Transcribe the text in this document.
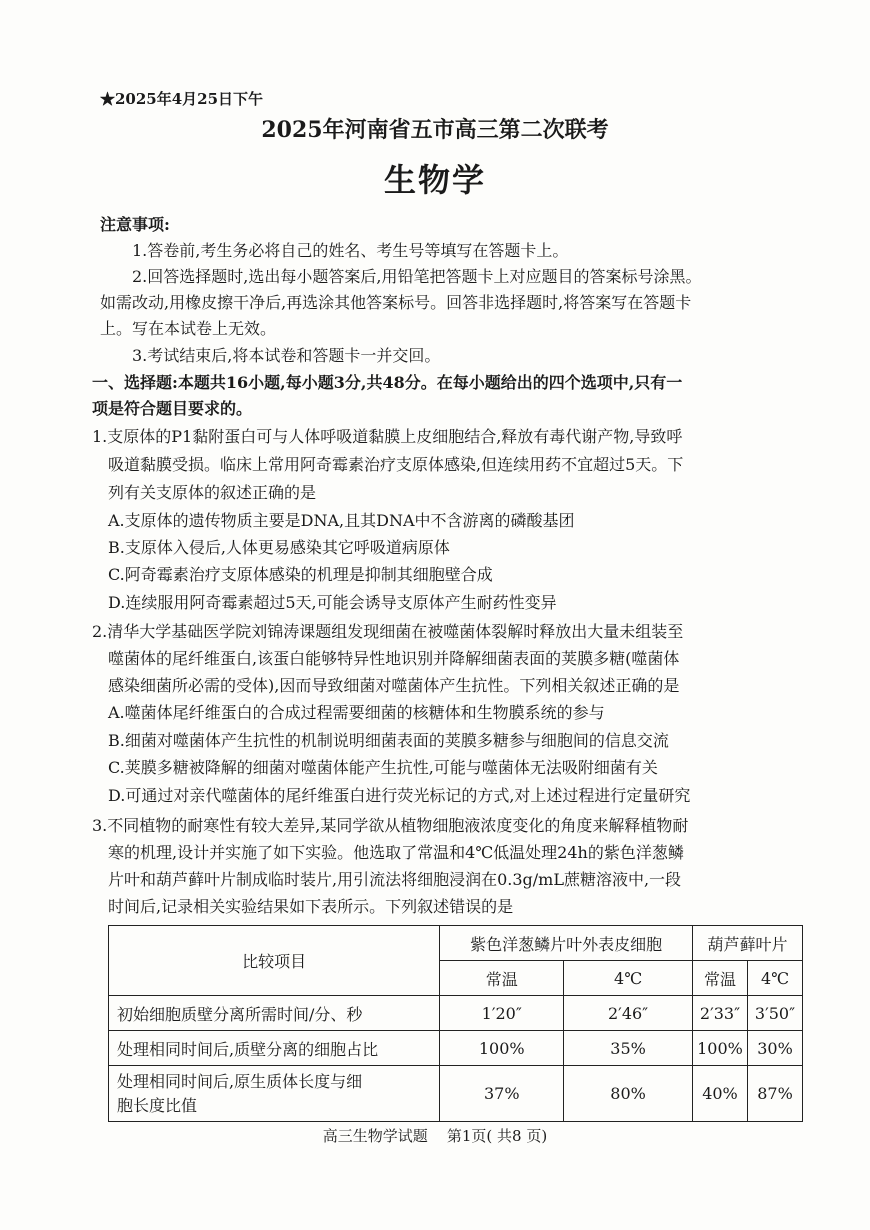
★2025年4月25日下午
2025年河南省五市高三第二次联考
生物学
注意事项:
1.答卷前,考生务必将自己的姓名、考生号等填写在答题卡上。
2.回答选择题时,选出每小题答案后,用铅笔把答题卡上对应题目的答案标号涂黑。
如需改动,用橡皮擦干净后,再选涂其他答案标号。回答非选择题时,将答案写在答题卡
上。写在本试卷上无效。
3.考试结束后,将本试卷和答题卡一并交回。
一、选择题:本题共16小题,每小题3分,共48分。在每小题给出的四个选项中,只有一
项是符合题目要求的。
1.支原体的P1黏附蛋白可与人体呼吸道黏膜上皮细胞结合,释放有毒代谢产物,导致呼
吸道黏膜受损。临床上常用阿奇霉素治疗支原体感染,但连续用药不宜超过5天。下
列有关支原体的叙述正确的是
A.支原体的遗传物质主要是DNA,且其DNA中不含游离的磷酸基团
B.支原体入侵后,人体更易感染其它呼吸道病原体
C.阿奇霉素治疗支原体感染的机理是抑制其细胞壁合成
D.连续服用阿奇霉素超过5天,可能会诱导支原体产生耐药性变异
2.清华大学基础医学院刘锦涛课题组发现细菌在被噬菌体裂解时释放出大量未组装至
噬菌体的尾纤维蛋白,该蛋白能够特异性地识别并降解细菌表面的荚膜多糖(噬菌体
感染细菌所必需的受体),因而导致细菌对噬菌体产生抗性。下列相关叙述正确的是
A.噬菌体尾纤维蛋白的合成过程需要细菌的核糖体和生物膜系统的参与
B.细菌对噬菌体产生抗性的机制说明细菌表面的荚膜多糖参与细胞间的信息交流
C.荚膜多糖被降解的细菌对噬菌体能产生抗性,可能与噬菌体无法吸附细菌有关
D.可通过对亲代噬菌体的尾纤维蛋白进行荧光标记的方式,对上述过程进行定量研究
3.不同植物的耐寒性有较大差异,某同学欲从植物细胞液浓度变化的角度来解释植物耐
寒的机理,设计并实施了如下实验。他选取了常温和4℃低温处理24h的紫色洋葱鳞
片叶和葫芦藓叶片制成临时装片,用引流法将细胞浸润在0.3g/mL蔗糖溶液中,一段
时间后,记录相关实验结果如下表所示。下列叙述错误的是
比较项目	紫色洋葱鳞片叶外表皮细胞		葫芦藓叶片	
	常温	4℃	常温	4℃
初始细胞质壁分离所需时间/分、秒	1′20″	2′46″	2′33″	3′50″
处理相同时间后,质壁分离的细胞占比	100%	35%	100%	30%
处理相同时间后,原生质体长度与细
胞长度比值	37%	80%	40%	87%
高三生物学试题    第1页( 共8 页)
